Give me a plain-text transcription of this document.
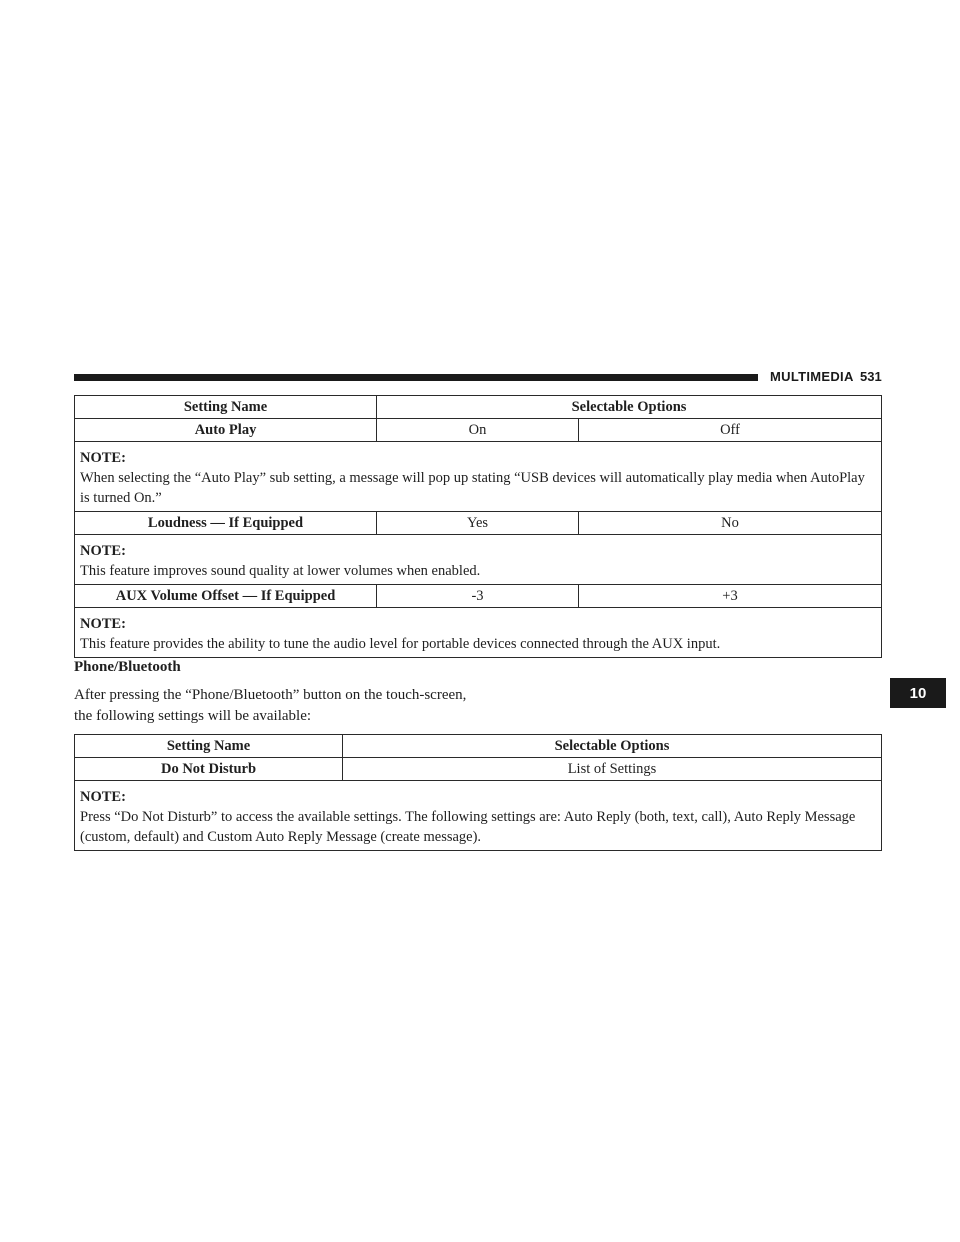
MULTIMEDIA 531
10
Setting Name	Selectable Options	
Auto Play	On	Off

NOTE:
When selecting the “Auto Play” sub setting, a message will pop up stating “USB devices will automatically play media when AutoPlay is turned On.”		

Loudness — If Equipped	Yes	No

NOTE:
This feature improves sound quality at lower volumes when enabled.		

AUX Volume Offset — If Equipped	-3	+3

NOTE:
This feature provides the ability to tune the audio level for portable devices connected through the AUX input.		
Phone/Bluetooth
After pressing the “Phone/Bluetooth” button on the touch-screen, the following settings will be available:
Setting Name	Selectable Options
Do Not Disturb	List of Settings

NOTE:
Press “Do Not Disturb” to access the available settings. The following settings are: Auto Reply (both, text, call), Auto Reply Message (custom, default) and Custom Auto Reply Message (create message).	
